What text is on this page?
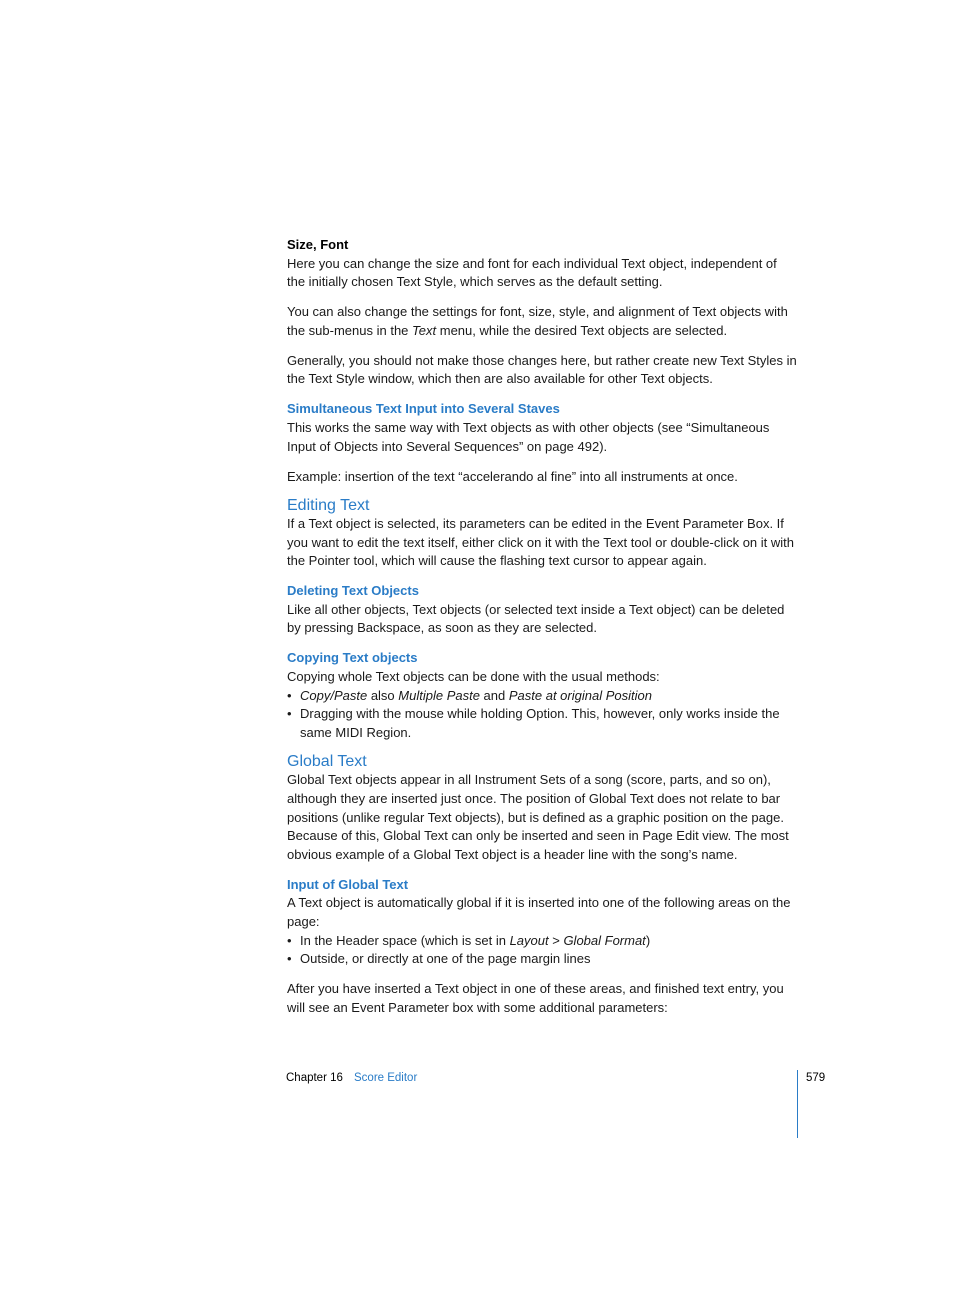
Size, Font

Here you can change the size and font for each individual Text object, independent of the initially chosen Text Style, which serves as the default setting.

You can also change the settings for font, size, style, and alignment of Text objects with the sub-menus in the Text menu, while the desired Text objects are selected.

Generally, you should not make those changes here, but rather create new Text Styles in the Text Style window, which then are also available for other Text objects.

Simultaneous Text Input into Several Staves

This works the same way with Text objects as with other objects (see “Simultaneous Input of Objects into Several Sequences” on page 492).

Example: insertion of the text “accelerando al fine” into all instruments at once.

Editing Text

If a Text object is selected, its parameters can be edited in the Event Parameter Box. If you want to edit the text itself, either click on it with the Text tool or double-click on it with the Pointer tool, which will cause the flashing text cursor to appear again.

Deleting Text Objects

Like all other objects, Text objects (or selected text inside a Text object) can be deleted by pressing Backspace, as soon as they are selected.

Copying Text objects

Copying whole Text objects can be done with the usual methods:

• Copy/Paste also Multiple Paste and Paste at original Position
• Dragging with the mouse while holding Option. This, however, only works inside the same MIDI Region.

Global Text

Global Text objects appear in all Instrument Sets of a song (score, parts, and so on), although they are inserted just once. The position of Global Text does not relate to bar positions (unlike regular Text objects), but is defined as a graphic position on the page. Because of this, Global Text can only be inserted and seen in Page Edit view. The most obvious example of a Global Text object is a header line with the song’s name.

Input of Global Text

A Text object is automatically global if it is inserted into one of the following areas on the page:

• In the Header space (which is set in Layout > Global Format)
• Outside, or directly at one of the page margin lines

After you have inserted a Text object in one of these areas, and finished text entry, you will see an Event Parameter box with some additional parameters:

Chapter 16 Score Editor	579
